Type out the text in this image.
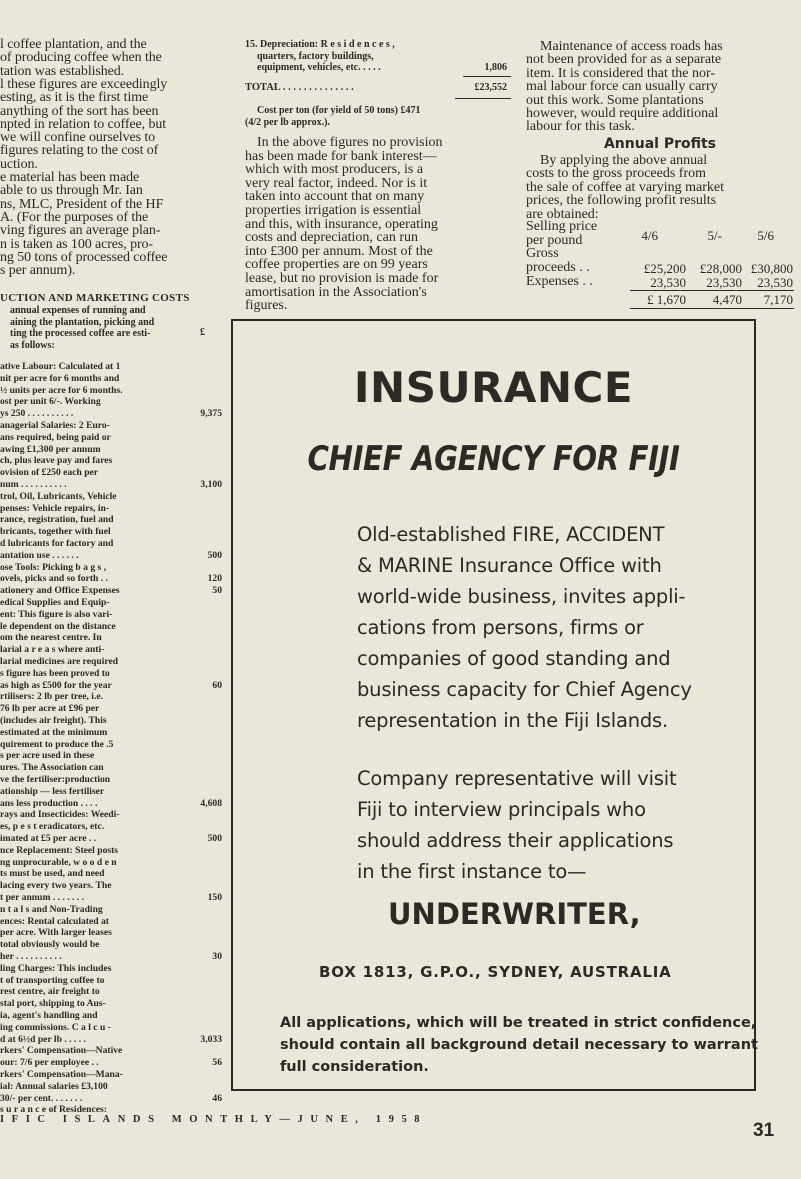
l coffee plantation, and the
of producing coffee when the
tation was established.
l these figures are exceedingly
esting, as it is the first time
anything of the sort has been
npted in relation to coffee, but
we will confine ourselves to
figures relating to the cost of
uction.
e material has been made
able to us through Mr. Ian
ns, MLC, President of the HF
A. (For the purposes of the
ving figures an average plan-
n is taken as 100 acres, pro-
ng 50 tons of processed coffee
s per annum).
UCTION AND MARKETING COSTS
annual expenses of running and
aining the plantation, picking and
ting the processed coffee are esti-
as follows:
£
ative Labour: Calculated at 1
nit per acre for 6 months and
½ units per acre for 6 months.
ost per unit 6/-. Working
ys 250 . . . . . . . . . .	9,375
anagerial Salaries: 2 Euro-
ans required, being paid or
awing £1,300 per annum
ch, plus leave pay and fares
ovision of £250 each per
num . . . . . . . . . .	3,100
trol, Oil, Lubricants, Vehicle
penses: Vehicle repairs, in-
rance, registration, fuel and
bricants, together with fuel
d lubricants for factory and
antation use . . . . . .	500
ose Tools: Picking b a g s ,
ovels, picks and so forth . .	120
ationery and Office Expenses	50
edical Supplies and Equip-
ent: This figure is also vari-
le dependent on the distance
om the nearest centre. In
larial a r e a s where anti-
larial medicines are required
s figure has been proved to
as high as £500 for the year	60
rtilisers: 2 lb per tree, i.e.
76 lb per acre at £96 per
(includes air freight). This
estimated at the minimum
quirement to produce the .5
s per acre used in these
ures. The Association can
ve the fertiliser:production
ationship — less fertiliser
ans less production . . . .	4,608
rays and Insecticides: Weedi-
es, p e s t eradicators, etc.
imated at £5 per acre . .	500
nce Replacement: Steel posts
ng unprocurable, w o o d e n
ts must be used, and need
lacing every two years. The
t per annum . . . . . . .	150
n t a l s and Non-Trading
ences: Rental calculated at
per acre. With larger leases
total obviously would be
her . . . . . . . . . .	30
ling Charges: This includes
t of transporting coffee to
rest centre, air freight to
stal port, shipping to Aus-
ia, agent's handling and
ing commissions. C a l c u -
d at 6½d per lb . . . . .	3,033
rkers' Compensation—Native
our: 7/6 per employee . .	56
rkers' Compensation—Mana-
ial: Annual salaries £3,100
30/- per cent. . . . . . .	46
s u r a n c e of Residences:
15. Depreciation: R e s i d e n c e s ,
quarters, factory buildings,
equipment, vehicles, etc. . . . .	1,806
TOTAL . . . . . . . . . . . . . .	£23,552
Cost per ton (for yield of 50 tons) £471
(4/2 per lb approx.).
In the above figures no provision
has been made for bank interest—
which with most producers, is a
very real factor, indeed. Nor is it
taken into account that on many
properties irrigation is essential
and this, with insurance, operating
costs and depreciation, can run
into £300 per annum. Most of the
coffee properties are on 99 years
lease, but no provision is made for
amortisation in the Association's
figures.
Maintenance of access roads has
not been provided for as a separate
item. It is considered that the nor-
mal labour force can usually carry
out this work. Some plantations
however, would require additional
labour for this task.
Annual Profits
By applying the above annual
costs to the gross proceeds from
the sale of coffee at varying market
prices, the following profit results
are obtained:
Selling price
per pound	4/6	5/-	5/6
Gross
proceeds . .	£25,200	£28,000 £30,800
Expenses . .	23,530	23,530	23,530
£ 1,670	4,470	7,170
INSURANCE
CHIEF AGENCY FOR FIJI
Old-established FIRE, ACCIDENT
& MARINE Insurance Office with
world-wide business, invites appli-
cations from persons, firms or
companies of good standing and
business capacity for Chief Agency
representation in the Fiji Islands.
Company representative will visit
Fiji to interview principals who
should address their applications
in the first instance to—
UNDERWRITER,
BOX 1813, G.P.O., SYDNEY, AUSTRALIA
All applications, which will be treated in strict confidence,
should contain all background detail necessary to warrant
full consideration.
IFIC ISLANDS MONTHLY—JUNE, 1958
31
